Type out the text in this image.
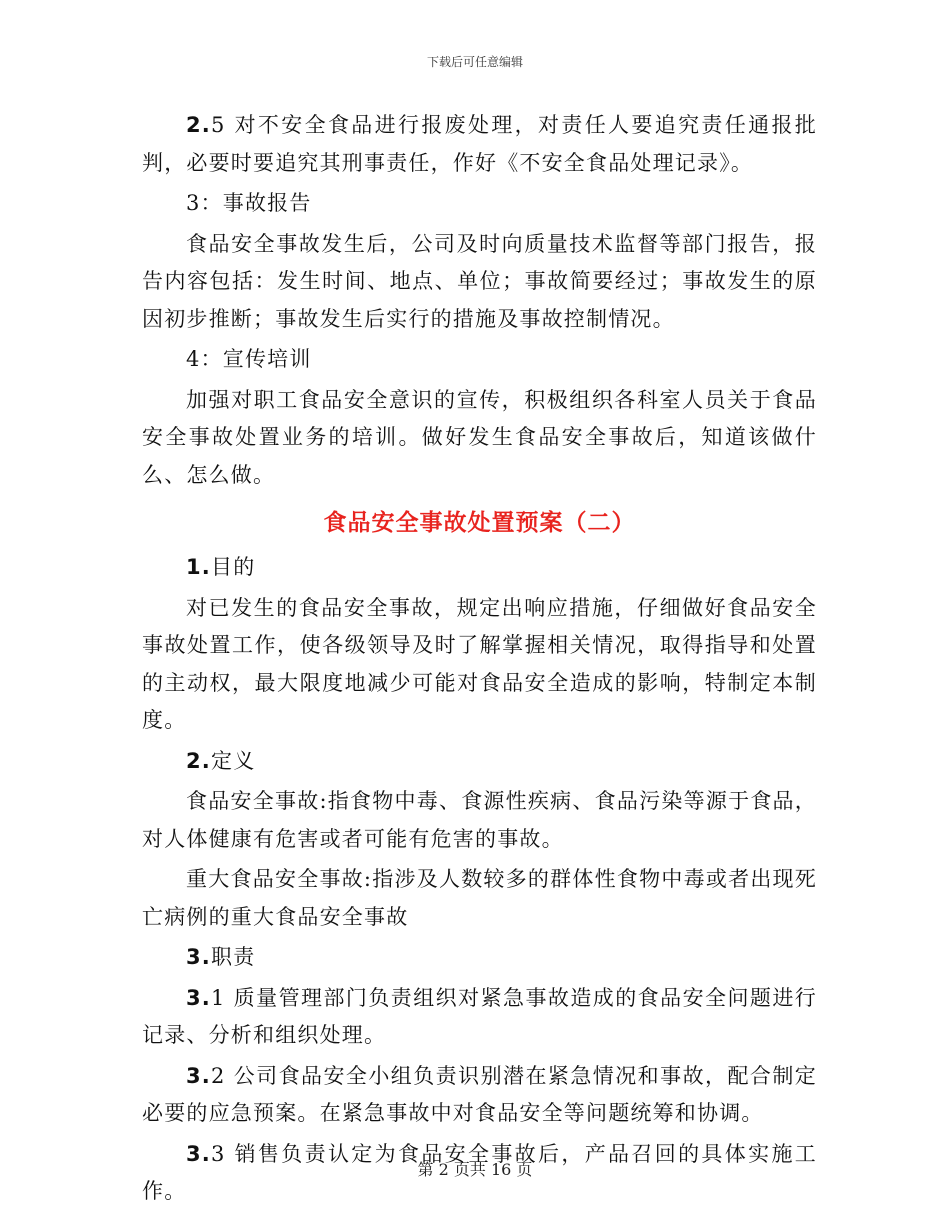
下载后可任意编辑

2.5 对不安全食品进行报废处理，对责任人要追究责任通报批判，必要时要追究其刑事责任，作好《不安全食品处理记录》。

3：事故报告

食品安全事故发生后，公司及时向质量技术监督等部门报告，报告内容包括：发生时间、地点、单位；事故简要经过；事故发生的原因初步推断；事故发生后实行的措施及事故控制情况。

4：宣传培训

加强对职工食品安全意识的宣传，积极组织各科室人员关于食品安全事故处置业务的培训。做好发生食品安全事故后，知道该做什么、怎么做。

食品安全事故处置预案（二）

1.目的

对已发生的食品安全事故，规定出响应措施，仔细做好食品安全事故处置工作，使各级领导及时了解掌握相关情况，取得指导和处置的主动权，最大限度地减少可能对食品安全造成的影响，特制定本制度。

2.定义

食品安全事故:指食物中毒、食源性疾病、食品污染等源于食品，对人体健康有危害或者可能有危害的事故。

重大食品安全事故:指涉及人数较多的群体性食物中毒或者出现死亡病例的重大食品安全事故

3.职责

3.1 质量管理部门负责组织对紧急事故造成的食品安全问题进行记录、分析和组织处理。

3.2 公司食品安全小组负责识别潜在紧急情况和事故，配合制定必要的应急预案。在紧急事故中对食品安全等问题统筹和协调。

3.3 销售负责认定为食品安全事故后，产品召回的具体实施工作。

第 2 页共 16 页
